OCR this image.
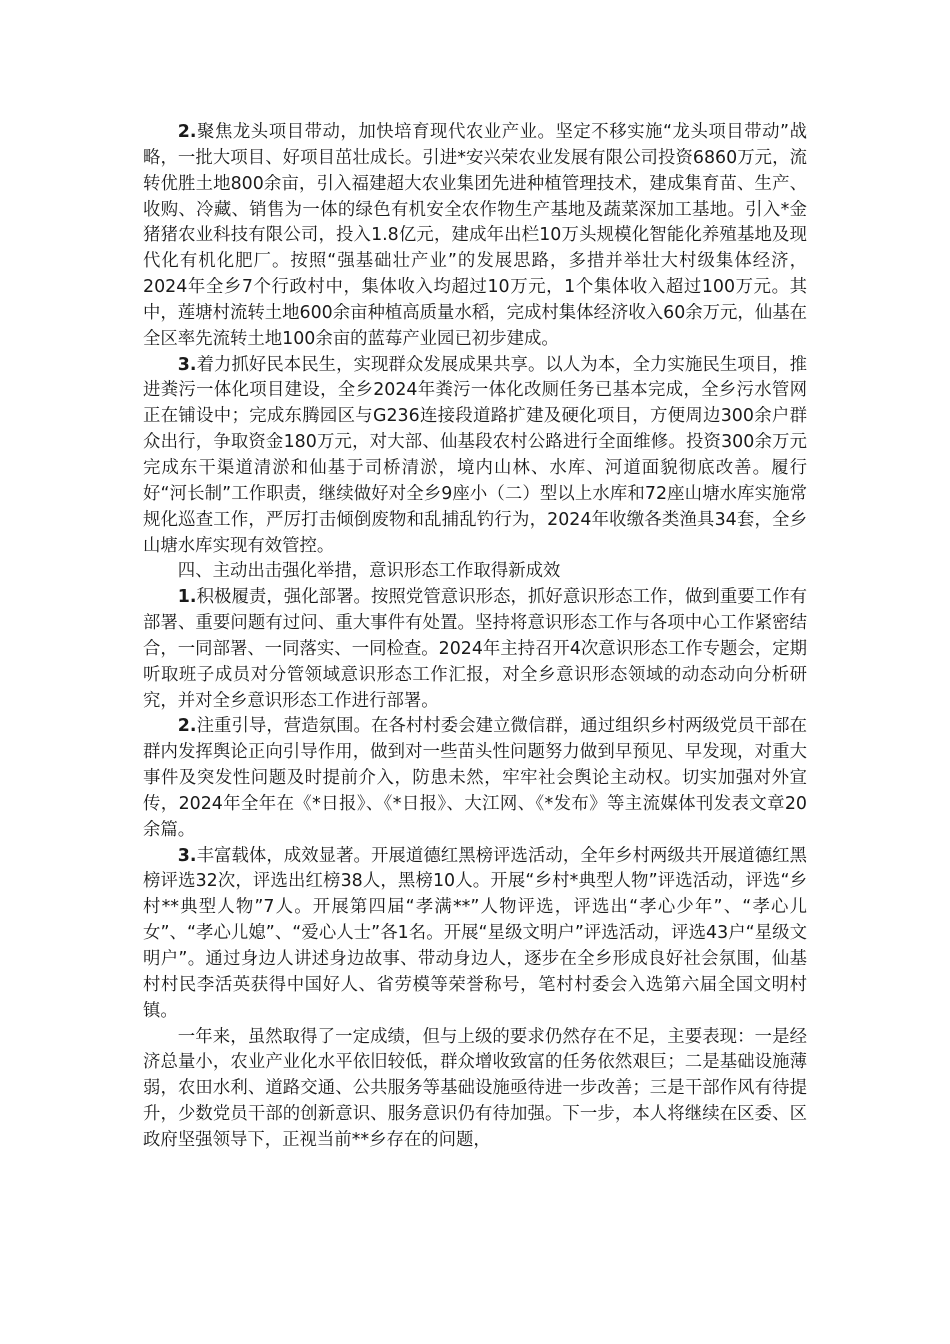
2.聚焦龙头项目带动，加快培育现代农业产业。坚定不移实施“龙头项目带动”战略，一批大项目、好项目茁壮成长。引进*安兴荣农业发展有限公司投资6860万元，流转优胜土地800余亩，引入福建超大农业集团先进种植管理技术，建成集育苗、生产、收购、冷藏、销售为一体的绿色有机安全农作物生产基地及蔬菜深加工基地。引入*金猪猪农业科技有限公司，投入1.8亿元，建成年出栏10万头规模化智能化养殖基地及现代化有机化肥厂。按照“强基础壮产业”的发展思路，多措并举壮大村级集体经济，2024年全乡7个行政村中，集体收入均超过10万元，1个集体收入超过100万元。其中，莲塘村流转土地600余亩种植高质量水稻，完成村集体经济收入60余万元，仙基在全区率先流转土地100余亩的蓝莓产业园已初步建成。

3.着力抓好民本民生，实现群众发展成果共享。以人为本，全力实施民生项目，推进粪污一体化项目建设，全乡2024年粪污一体化改厕任务已基本完成，全乡污水管网正在铺设中；完成东腾园区与G236连接段道路扩建及硬化项目，方便周边300余户群众出行，争取资金180万元，对大部、仙基段农村公路进行全面维修。投资300余万元完成东干渠道清淤和仙基于司桥清淤，境内山林、水库、河道面貌彻底改善。履行好“河长制”工作职责，继续做好对全乡9座小（二）型以上水库和72座山塘水库实施常规化巡查工作，严厉打击倾倒废物和乱捕乱钓行为，2024年收缴各类渔具34套，全乡山塘水库实现有效管控。

四、主动出击强化举措，意识形态工作取得新成效

1.积极履责，强化部署。按照党管意识形态，抓好意识形态工作，做到重要工作有部署、重要问题有过问、重大事件有处置。坚持将意识形态工作与各项中心工作紧密结合，一同部署、一同落实、一同检查。2024年主持召开4次意识形态工作专题会，定期听取班子成员对分管领域意识形态工作汇报，对全乡意识形态领域的动态动向分析研究，并对全乡意识形态工作进行部署。

2.注重引导，营造氛围。在各村村委会建立微信群，通过组织乡村两级党员干部在群内发挥舆论正向引导作用，做到对一些苗头性问题努力做到早预见、早发现，对重大事件及突发性问题及时提前介入，防患未然，牢牢社会舆论主动权。切实加强对外宣传，2024年全年在《*日报》、《*日报》、大江网、《*发布》等主流媒体刊发表文章20余篇。

3.丰富载体，成效显著。开展道德红黑榜评选活动，全年乡村两级共开展道德红黑榜评选32次，评选出红榜38人，黑榜10人。开展“乡村*典型人物”评选活动，评选“乡村**典型人物”7人。开展第四届“孝满**”人物评选，评选出“孝心少年”、“孝心儿女”、“孝心儿媳”、“爱心人士”各1名。开展“星级文明户”评选活动，评选43户“星级文明户”。通过身边人讲述身边故事、带动身边人，逐步在全乡形成良好社会氛围，仙基村村民李活英获得中国好人、省劳模等荣誉称号，笔村村委会入选第六届全国文明村镇。

一年来，虽然取得了一定成绩，但与上级的要求仍然存在不足，主要表现：一是经济总量小，农业产业化水平依旧较低，群众增收致富的任务依然艰巨；二是基础设施薄弱，农田水利、道路交通、公共服务等基础设施亟待进一步改善；三是干部作风有待提升，少数党员干部的创新意识、服务意识仍有待加强。下一步，本人将继续在区委、区政府坚强领导下，正视当前**乡存在的问题，
